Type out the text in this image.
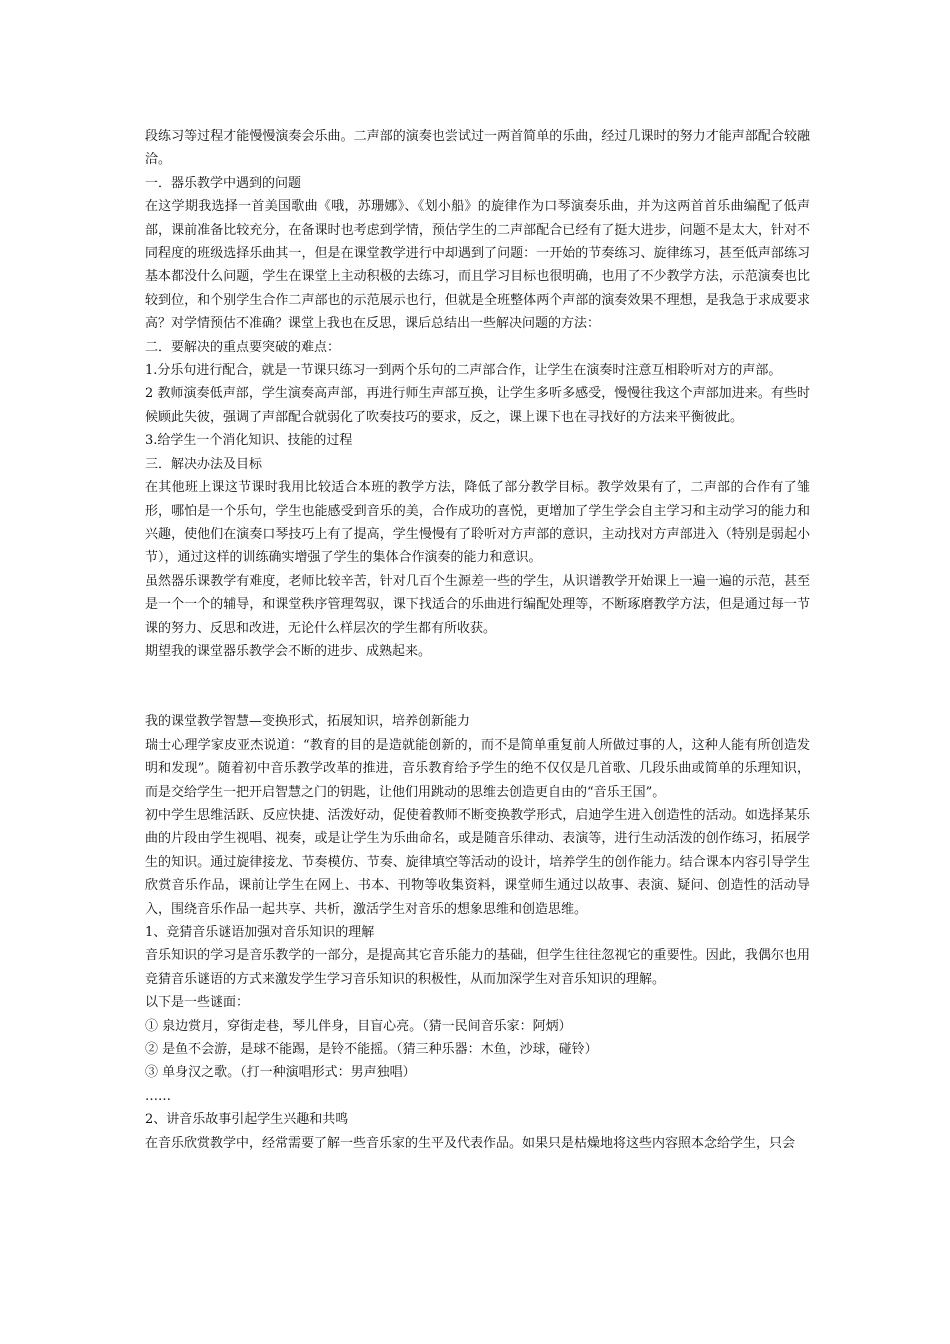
段练习等过程才能慢慢演奏会乐曲。二声部的演奏也尝试过一两首简单的乐曲，经过几课时的努力才能声部配合较融洽。

一．器乐教学中遇到的问题

在这学期我选择一首美国歌曲《哦，苏珊娜》、《划小船》的旋律作为口琴演奏乐曲，并为这两首首乐曲编配了低声部，课前准备比较充分，在备课时也考虑到学情，预估学生的二声部配合已经有了挺大进步，问题不是太大，针对不同程度的班级选择乐曲其一，但是在课堂教学进行中却遇到了问题：一开始的节奏练习、旋律练习，甚至低声部练习基本都没什么问题，学生在课堂上主动积极的去练习，而且学习目标也很明确，也用了不少教学方法，示范演奏也比较到位，和个别学生合作二声部也的示范展示也行，但就是全班整体两个声部的演奏效果不理想，是我急于求成要求高？对学情预估不准确？课堂上我也在反思，课后总结出一些解决问题的方法：

二．要解决的重点要突破的难点：

1.分乐句进行配合，就是一节课只练习一到两个乐句的二声部合作，让学生在演奏时注意互相聆听对方的声部。

2 教师演奏低声部，学生演奏高声部，再进行师生声部互换，让学生多听多感受，慢慢往我这个声部加进来。有些时候顾此失彼，强调了声部配合就弱化了吹奏技巧的要求，反之，课上课下也在寻找好的方法来平衡彼此。

3.给学生一个消化知识、技能的过程

三．解决办法及目标

在其他班上课这节课时我用比较适合本班的教学方法，降低了部分教学目标。教学效果有了，二声部的合作有了雏形，哪怕是一个乐句，学生也能感受到音乐的美，合作成功的喜悦，更增加了学生学会自主学习和主动学习的能力和兴趣，使他们在演奏口琴技巧上有了提高，学生慢慢有了聆听对方声部的意识，主动找对方声部进入（特别是弱起小节），通过这样的训练确实增强了学生的集体合作演奏的能力和意识。

虽然器乐课教学有难度，老师比较辛苦，针对几百个生源差一些的学生，从识谱教学开始课上一遍一遍的示范，甚至是一个一个的辅导，和课堂秩序管理驾驭，课下找适合的乐曲进行编配处理等，不断琢磨教学方法，但是通过每一节课的努力、反思和改进，无论什么样层次的学生都有所收获。

期望我的课堂器乐教学会不断的进步、成熟起来。

我的课堂教学智慧—变换形式，拓展知识，培养创新能力

瑞士心理学家皮亚杰说道：“教育的目的是造就能创新的，而不是简单重复前人所做过事的人，这种人能有所创造发明和发现”。随着初中音乐教学改革的推进，音乐教育给予学生的绝不仅仅是几首歌、几段乐曲或简单的乐理知识，而是交给学生一把开启智慧之门的钥匙，让他们用跳动的思维去创造更自由的“音乐王国”。

初中学生思维活跃、反应快捷、活泼好动，促使着教师不断变换教学形式，启迪学生进入创造性的活动。如选择某乐曲的片段由学生视唱、视奏，或是让学生为乐曲命名，或是随音乐律动、表演等，进行生动活泼的创作练习，拓展学生的知识。通过旋律接龙、节奏模仿、节奏、旋律填空等活动的设计，培养学生的创作能力。结合课本内容引导学生欣赏音乐作品，课前让学生在网上、书本、刊物等收集资料，课堂师生通过以故事、表演、疑问、创造性的活动导入，围绕音乐作品一起共享、共析，激活学生对音乐的想象思维和创造思维。

1、竞猜音乐谜语加强对音乐知识的理解

音乐知识的学习是音乐教学的一部分，是提高其它音乐能力的基础，但学生往往忽视它的重要性。因此，我偶尔也用竞猜音乐谜语的方式来激发学生学习音乐知识的积极性，从而加深学生对音乐知识的理解。

以下是一些谜面：

① 泉边赏月，穿街走巷，琴儿伴身，目盲心亮。（猜一民间音乐家：阿炳）

② 是鱼不会游，是球不能踢，是铃不能摇。（猜三种乐器：木鱼，沙球，碰铃）

③ 单身汉之歌。（打一种演唱形式：男声独唱）

……

2、讲音乐故事引起学生兴趣和共鸣

在音乐欣赏教学中，经常需要了解一些音乐家的生平及代表作品。如果只是枯燥地将这些内容照本念给学生，只会
